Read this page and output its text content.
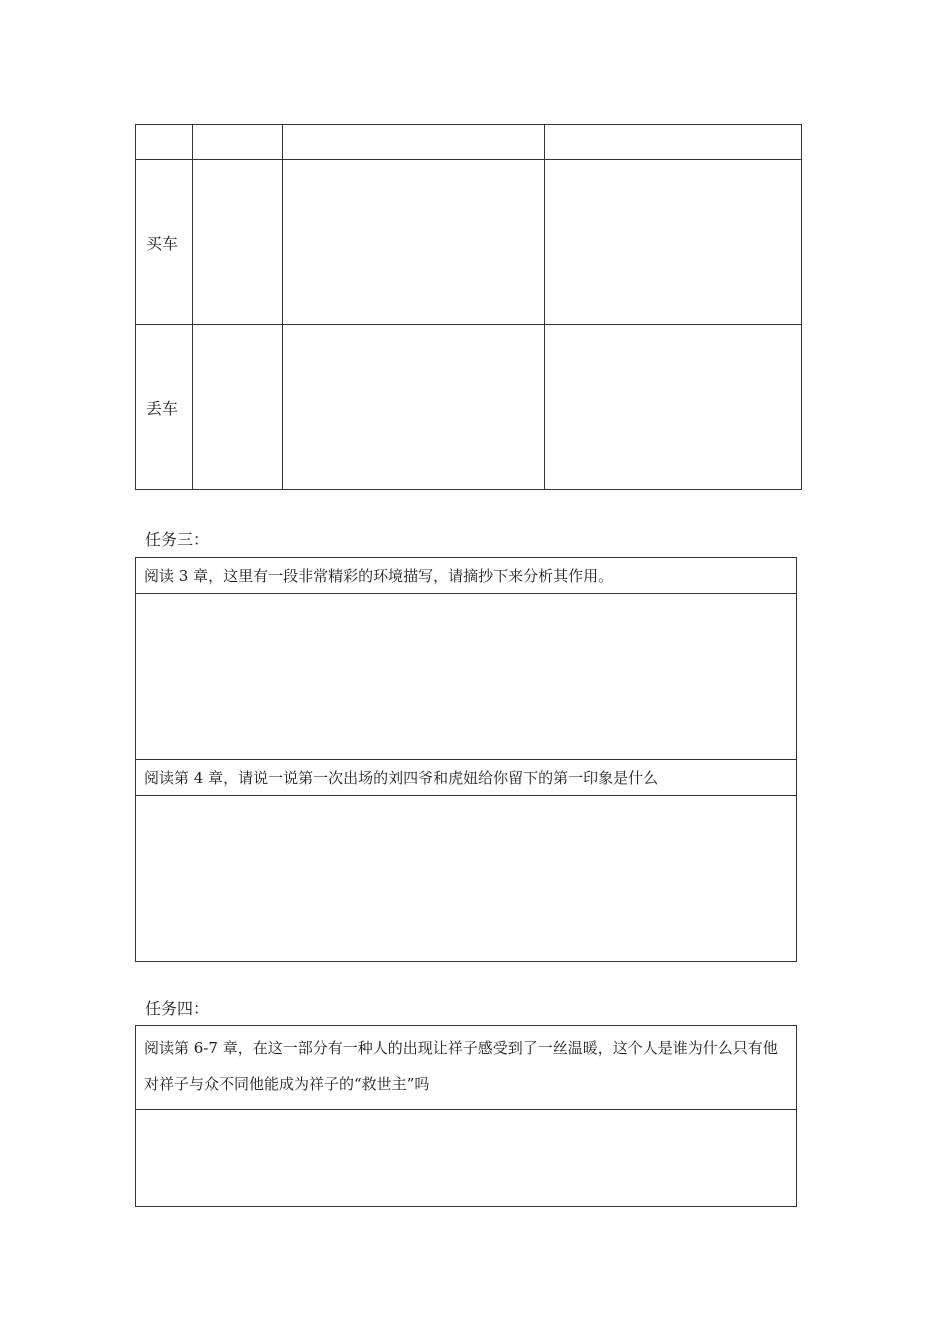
买车			
丢车			
任务三：
阅读 3 章，这里有一段非常精彩的环境描写，请摘抄下来分析其作用。

阅读第 4 章，请说一说第一次出场的刘四爷和虎妞给你留下的第一印象是什么

任务四：
阅读第 6-7 章，在这一部分有一种人的出现让祥子感受到了一丝温暖，这个人是谁为什么只有他对祥子与众不同他能成为祥子的“救世主”吗
